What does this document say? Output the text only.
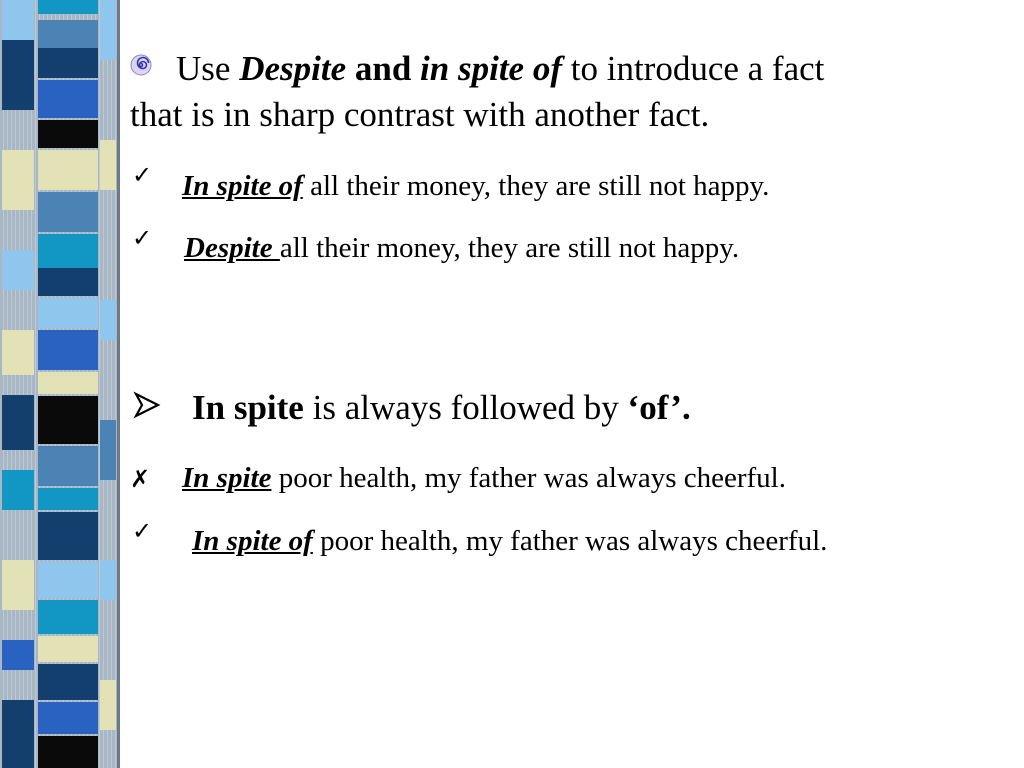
Use Despite and in spite of to introduce a fact
that is in sharp contrast with another fact.
✓ In spite of all their money, they are still not happy.
✓ Despite all their money, they are still not happy.
In spite is always followed by ‘of’.
✗ In spite poor health, my father was always cheerful.
✓ In spite of poor health, my father was always cheerful.
